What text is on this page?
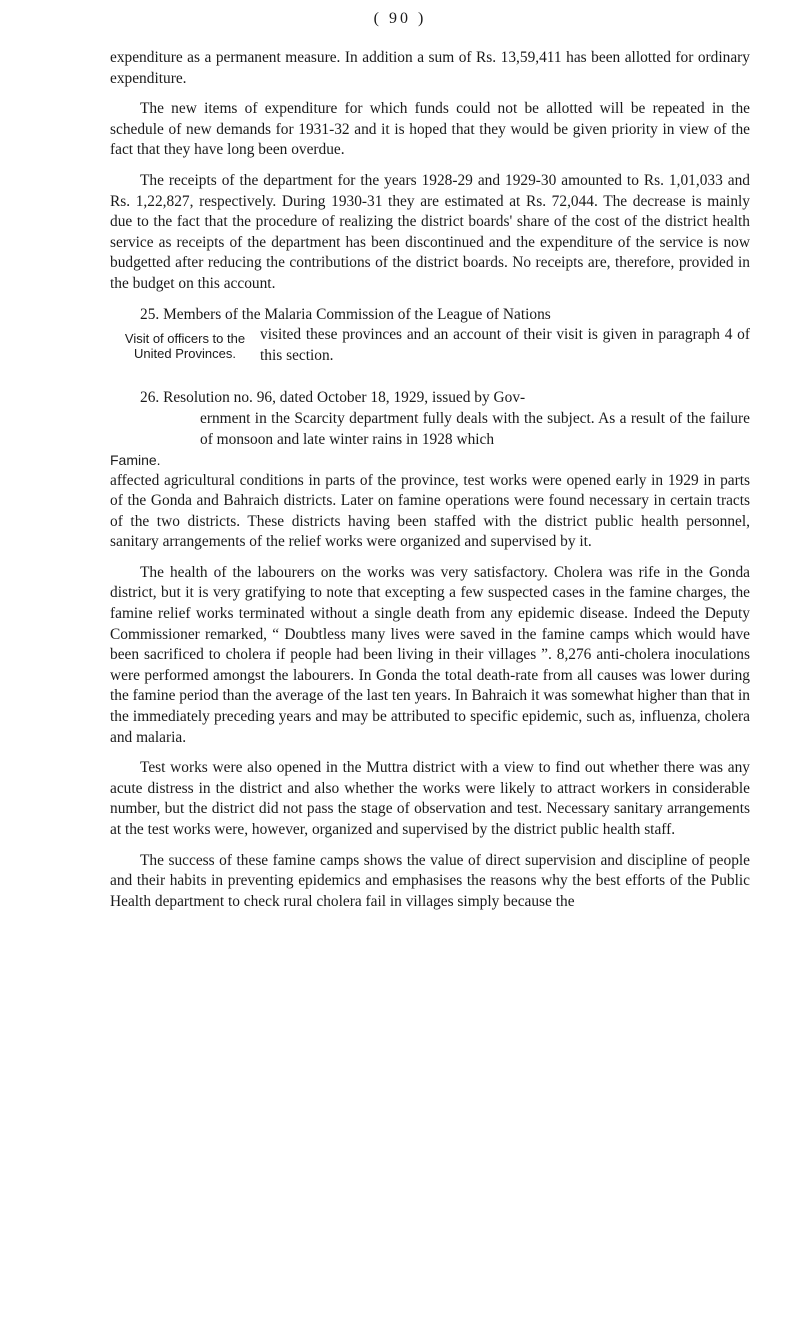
( 90 )

expenditure as a permanent measure. In addition a sum of Rs. 13,59,411 has been allotted for ordinary expenditure.

The new items of expenditure for which funds could not be allotted will be repeated in the schedule of new demands for 1931-32 and it is hoped that they would be given priority in view of the fact that they have long been overdue.

The receipts of the department for the years 1928-29 and 1929-30 amounted to Rs. 1,01,033 and Rs. 1,22,827, respectively. During 1930-31 they are estimated at Rs. 72,044. The decrease is mainly due to the fact that the procedure of realizing the district boards' share of the cost of the district health service as receipts of the department has been discontinued and the expenditure of the service is now budgetted after reducing the contributions of the district boards. No receipts are, therefore, provided in the budget on this account.

25. Members of the Malaria Commission of the League of Nations

Visit of officers to the United Provinces.

visited these provinces and an account of their visit is given in paragraph 4 of this section.

26. Resolution no. 96, dated October 18, 1929, issued by Gov-

Famine.

ernment in the Scarcity department fully deals with the subject. As a result of the failure of monsoon and late winter rains in 1928 which

affected agricultural conditions in parts of the province, test works were opened early in 1929 in parts of the Gonda and Bahraich districts. Later on famine operations were found necessary in certain tracts of the two districts. These districts having been staffed with the district public health personnel, sanitary arrangements of the relief works were organized and supervised by it.

The health of the labourers on the works was very satisfactory. Cholera was rife in the Gonda district, but it is very gratifying to note that excepting a few suspected cases in the famine charges, the famine relief works terminated without a single death from any epidemic disease. Indeed the Deputy Commissioner remarked, “ Doubtless many lives were saved in the famine camps which would have been sacrificed to cholera if people had been living in their villages ”. 8,276 anti-cholera inoculations were performed amongst the labourers. In Gonda the total death-rate from all causes was lower during the famine period than the average of the last ten years. In Bahraich it was somewhat higher than that in the immediately preceding years and may be attributed to specific epidemic, such as, influenza, cholera and malaria.

Test works were also opened in the Muttra district with a view to find out whether there was any acute distress in the district and also whether the works were likely to attract workers in considerable number, but the district did not pass the stage of observation and test. Necessary sanitary arrangements at the test works were, however, organized and supervised by the district public health staff.

The success of these famine camps shows the value of direct supervision and discipline of people and their habits in preventing epidemics and emphasises the reasons why the best efforts of the Public Health department to check rural cholera fail in villages simply because the
